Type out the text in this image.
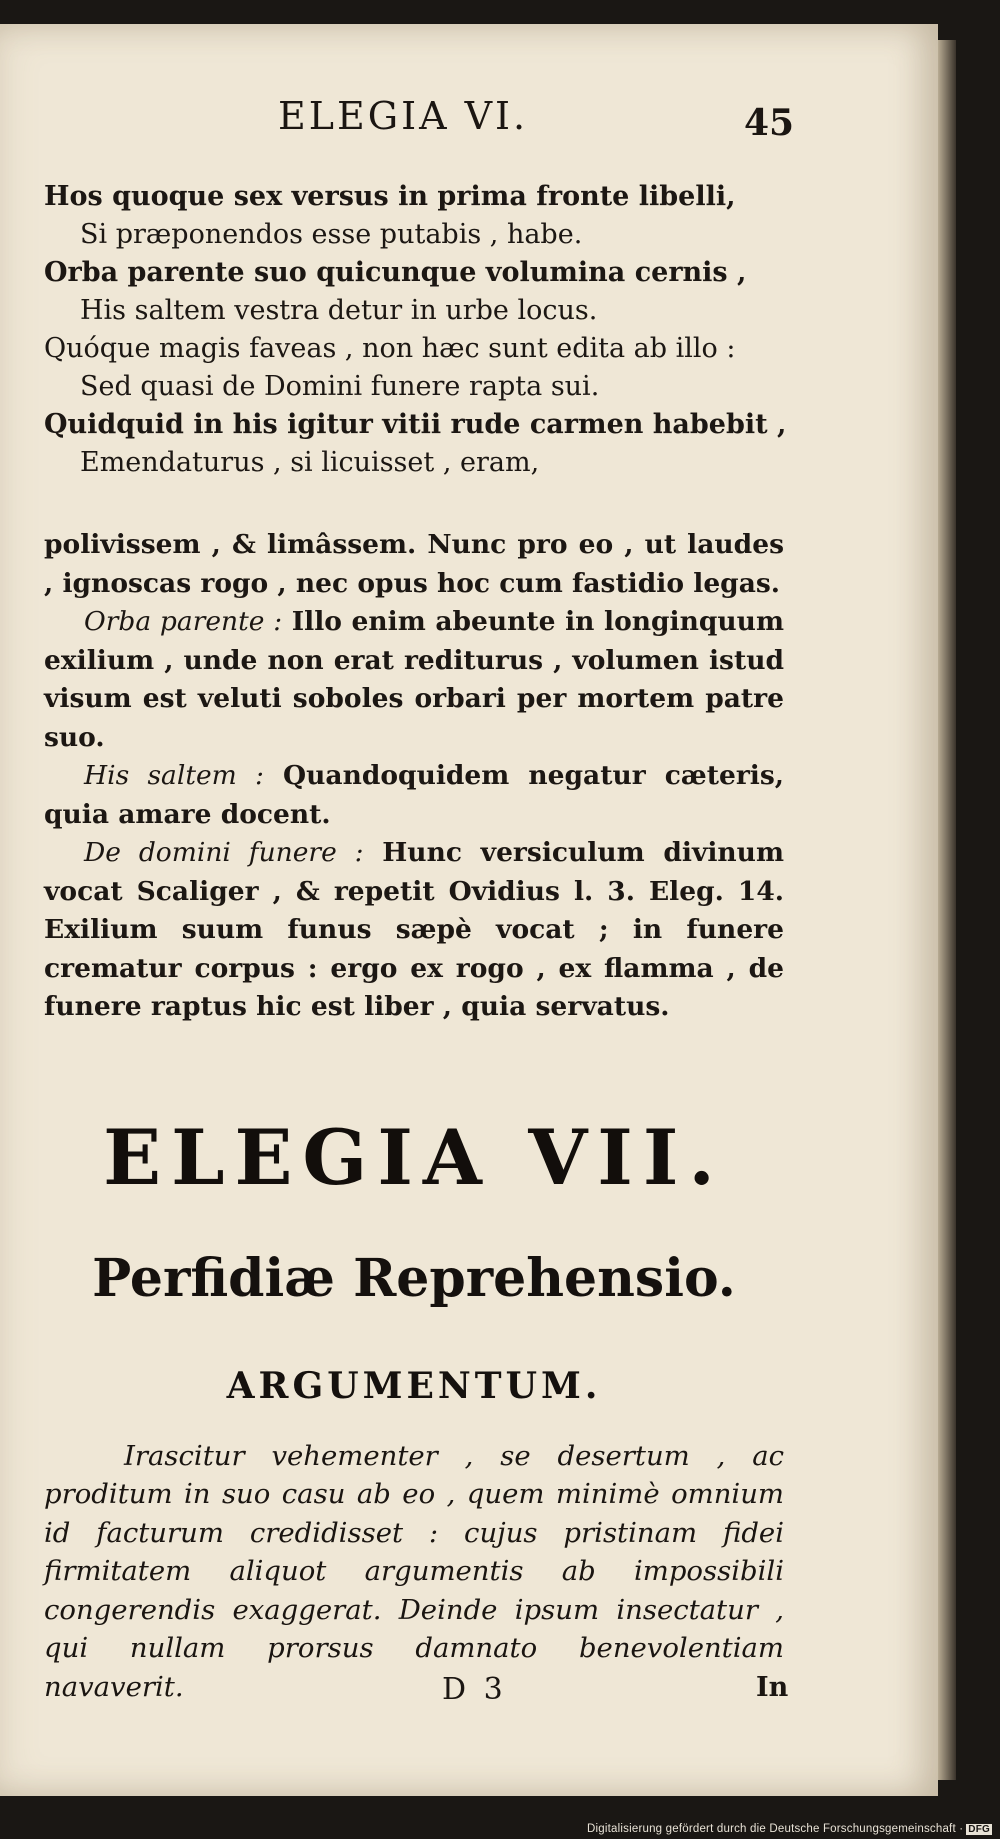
ELEGIA VI.	45

Hos quoque sex versus in prima fronte libelli,

Si præponendos esse putabis , habe.

Orba parente suo quicunque volumina cernis ,

His saltem vestra detur in urbe locus.

Quóque magis faveas , non hæc sunt edita ab illo :

Sed quasi de Domini funere rapta sui.

Quidquid in his igitur vitii rude carmen habebit ,

Emendaturus , si licuisset , eram,

polivissem , & limâssem. Nunc pro eo , ut laudes , ignoscas rogo , nec opus hoc cum fastidio legas.

Orba parente : Illo enim abeunte in longinquum exilium , unde non erat rediturus , volumen istud visum est veluti soboles orbari per mortem patre suo.

His saltem : Quandoquidem negatur cæteris, quia amare docent.

De domini funere : Hunc versiculum divinum vocat Scaliger , & repetit Ovidius l. 3. Eleg. 14. Exilium suum funus sæpè vocat ; in funere crematur corpus : ergo ex rogo , ex flamma , de funere raptus hic est liber , quia servatus.

ELEGIA VII.
Perfidiæ Reprehensio.
ARGUMENTUM.

Irascitur vehementer , se desertum , ac proditum in suo casu ab eo , quem minimè omnium id facturum credidisset : cujus pristinam fidei firmitatem aliquot argumentis ab impossibili congerendis exaggerat. Deinde ipsum insectatur , qui nullam prorsus damnato benevolentiam navaverit.	D 3	In
Digitalisierung gefördert durch die Deutsche Forschungsgemeinschaft · DFG
